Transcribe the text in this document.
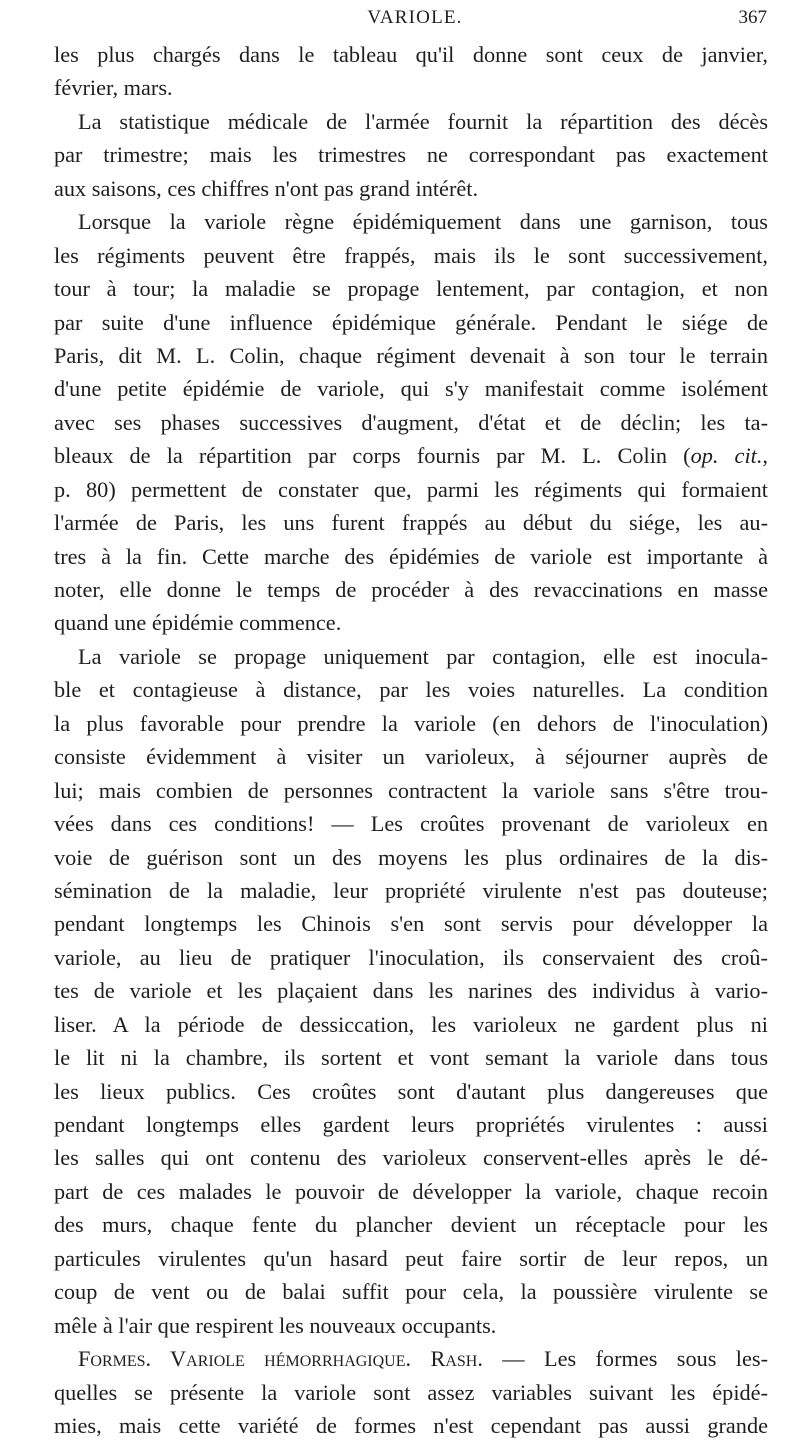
VARIOLE.	367
les plus chargés dans le tableau qu'il donne sont ceux de janvier,
février, mars.
La statistique médicale de l'armée fournit la répartition des décès
par trimestre; mais les trimestres ne correspondant pas exactement
aux saisons, ces chiffres n'ont pas grand intérêt.
Lorsque la variole règne épidémiquement dans une garnison, tous
les régiments peuvent être frappés, mais ils le sont successivement,
tour à tour; la maladie se propage lentement, par contagion, et non
par suite d'une influence épidémique générale. Pendant le siége de
Paris, dit M. L. Colin, chaque régiment devenait à son tour le terrain
d'une petite épidémie de variole, qui s'y manifestait comme isolément
avec ses phases successives d'augment, d'état et de déclin; les ta-
bleaux de la répartition par corps fournis par M. L. Colin (op. cit.,
p. 80) permettent de constater que, parmi les régiments qui formaient
l'armée de Paris, les uns furent frappés au début du siége, les au-
tres à la fin. Cette marche des épidémies de variole est importante à
noter, elle donne le temps de procéder à des revaccinations en masse
quand une épidémie commence.
La variole se propage uniquement par contagion, elle est inocula-
ble et contagieuse à distance, par les voies naturelles. La condition
la plus favorable pour prendre la variole (en dehors de l'inoculation)
consiste évidemment à visiter un varioleux, à séjourner auprès de
lui; mais combien de personnes contractent la variole sans s'être trou-
vées dans ces conditions! — Les croûtes provenant de varioleux en
voie de guérison sont un des moyens les plus ordinaires de la dis-
sémination de la maladie, leur propriété virulente n'est pas douteuse;
pendant longtemps les Chinois s'en sont servis pour développer la
variole, au lieu de pratiquer l'inoculation, ils conservaient des croû-
tes de variole et les plaçaient dans les narines des individus à vario-
liser. A la période de dessiccation, les varioleux ne gardent plus ni
le lit ni la chambre, ils sortent et vont semant la variole dans tous
les lieux publics. Ces croûtes sont d'autant plus dangereuses que
pendant longtemps elles gardent leurs propriétés virulentes : aussi
les salles qui ont contenu des varioleux conservent-elles après le dé-
part de ces malades le pouvoir de développer la variole, chaque recoin
des murs, chaque fente du plancher devient un réceptacle pour les
particules virulentes qu'un hasard peut faire sortir de leur repos, un
coup de vent ou de balai suffit pour cela, la poussière virulente se
mêle à l'air que respirent les nouveaux occupants.
Formes. Variole hémorrhagique. Rash. — Les formes sous les-
quelles se présente la variole sont assez variables suivant les épidé-
mies, mais cette variété de formes n'est cependant pas aussi grande
